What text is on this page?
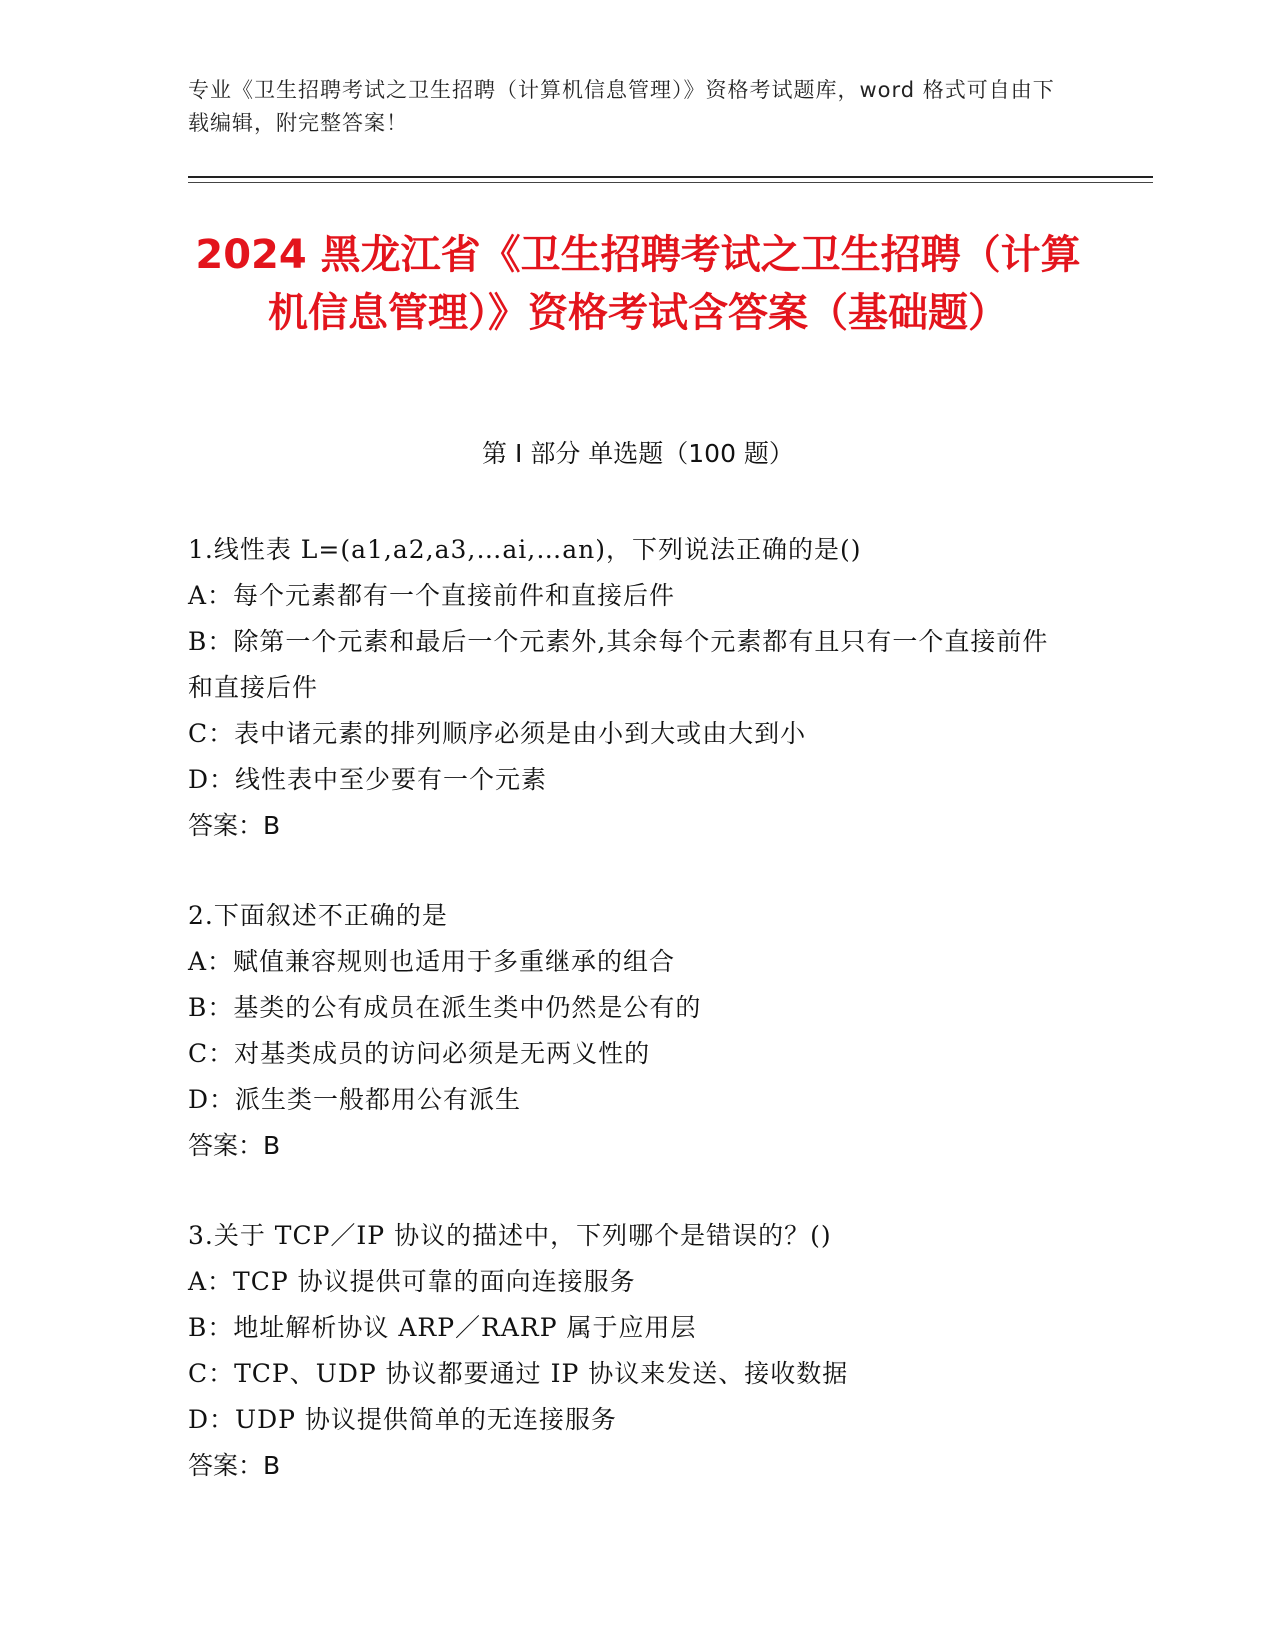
专业《卫生招聘考试之卫生招聘（计算机信息管理）》资格考试题库，word 格式可自由下载编辑，附完整答案！
2024 黑龙江省《卫生招聘考试之卫生招聘（计算机信息管理）》资格考试含答案（基础题）
第 I 部分 单选题（100 题）
1.线性表 L=(a1,a2,a3,…ai,…an)，下列说法正确的是()
A：每个元素都有一个直接前件和直接后件
B：除第一个元素和最后一个元素外,其余每个元素都有且只有一个直接前件和直接后件
C：表中诸元素的排列顺序必须是由小到大或由大到小
D：线性表中至少要有一个元素
答案：B
2.下面叙述不正确的是
A：赋值兼容规则也适用于多重继承的组合
B：基类的公有成员在派生类中仍然是公有的
C：对基类成员的访问必须是无两义性的
D：派生类一般都用公有派生
答案：B
3.关于 TCP／IP 协议的描述中，下列哪个是错误的？()
A：TCP 协议提供可靠的面向连接服务
B：地址解析协议 ARP／RARP 属于应用层
C：TCP、UDP 协议都要通过 IP 协议来发送、接收数据
D：UDP 协议提供简单的无连接服务
答案：B
